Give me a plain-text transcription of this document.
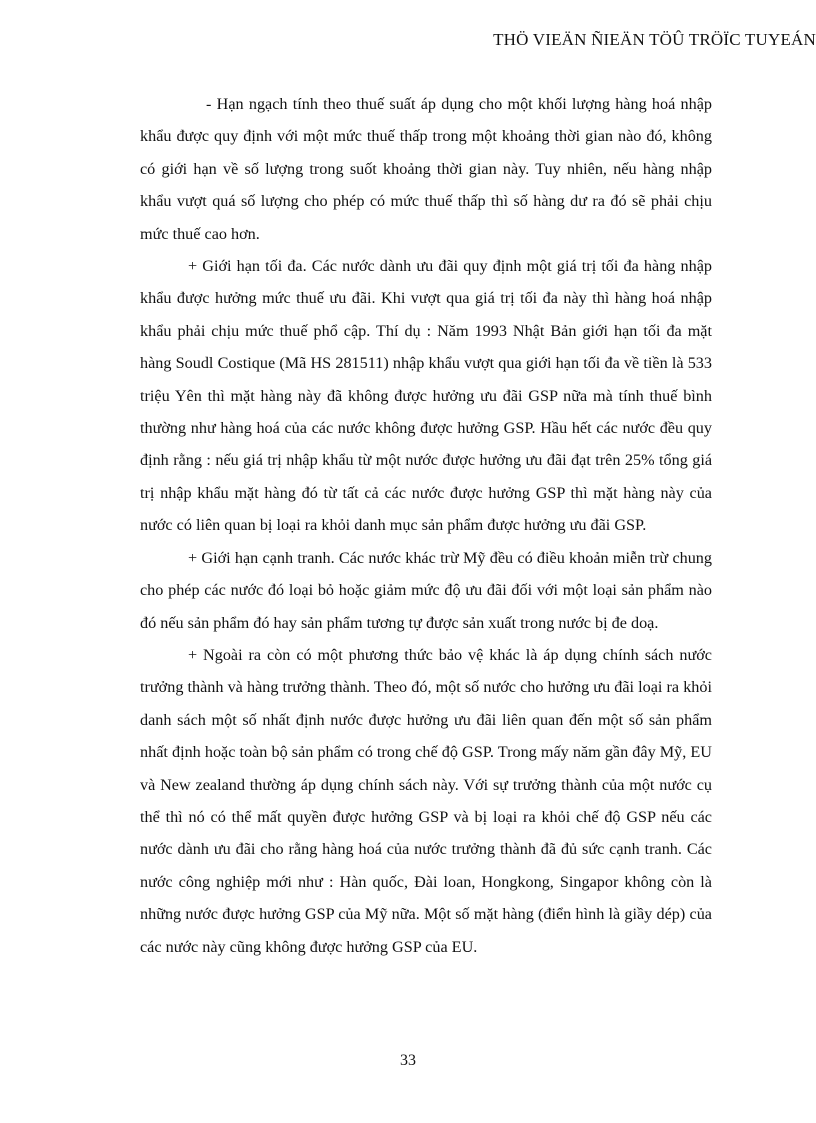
THÖ VIEÄN ÑIEÄN TÖÛ TRÖÏC TUYEÁN

- Hạn ngạch tính theo thuế suất áp dụng cho một khối lượng hàng hoá nhập khẩu được quy định với một mức thuế thấp trong một khoảng thời gian nào đó, không có giới hạn về số lượng trong suốt khoảng thời gian này. Tuy nhiên, nếu hàng nhập khẩu vượt quá số lượng cho phép có mức thuế thấp thì số hàng dư ra đó sẽ phải chịu mức thuế cao hơn.

+ Giới hạn tối đa. Các nước dành ưu đãi quy định một giá trị tối đa hàng nhập khẩu được hưởng mức thuế ưu đãi. Khi vượt qua giá trị tối đa này thì hàng hoá nhập khẩu phải chịu mức thuế phổ cập. Thí dụ : Năm 1993 Nhật Bản giới hạn tối đa mặt hàng Soudl Costique (Mã HS 281511) nhập khẩu vượt qua giới hạn tối đa về tiền là 533 triệu Yên thì mặt hàng này đã không được hưởng ưu đãi GSP nữa mà tính thuế bình thường như hàng hoá của các nước không được hưởng GSP. Hầu hết các nước đều quy định rằng : nếu giá trị nhập khẩu từ một nước được hưởng ưu đãi đạt trên 25% tổng giá trị nhập khẩu mặt hàng đó từ tất cả các nước được hưởng GSP thì mặt hàng này của nước có liên quan bị loại ra khỏi danh mục sản phẩm được hưởng ưu đãi GSP.

+ Giới hạn cạnh tranh. Các nước khác trừ Mỹ đều có điều khoản miễn trừ chung cho phép các nước đó loại bỏ hoặc giảm mức độ ưu đãi đối với một loại sản phẩm nào đó nếu sản phẩm đó hay sản phẩm tương tự được sản xuất trong nước bị đe doạ.

+ Ngoài ra còn có một phương thức bảo vệ khác là áp dụng chính sách nước trưởng thành và hàng trưởng thành. Theo đó, một số nước cho hưởng ưu đãi loại ra khỏi danh sách một số nhất định nước được hưởng ưu đãi liên quan đến một số sản phẩm nhất định hoặc toàn bộ sản phẩm có trong chế độ GSP. Trong mấy năm gần đây Mỹ, EU và New zealand thường áp dụng chính sách này. Với sự trưởng thành của một nước cụ thể thì nó có thể mất quyền được hưởng GSP và bị loại ra khỏi chế độ GSP nếu các nước dành ưu đãi cho rằng hàng hoá của nước trưởng thành đã đủ sức cạnh tranh. Các nước công nghiệp mới như : Hàn quốc, Đài loan, Hongkong, Singapor không còn là những nước được hưởng GSP của Mỹ nữa. Một số mặt hàng (điển hình là giầy dép) của các nước này cũng không được hưởng GSP của EU.

33
